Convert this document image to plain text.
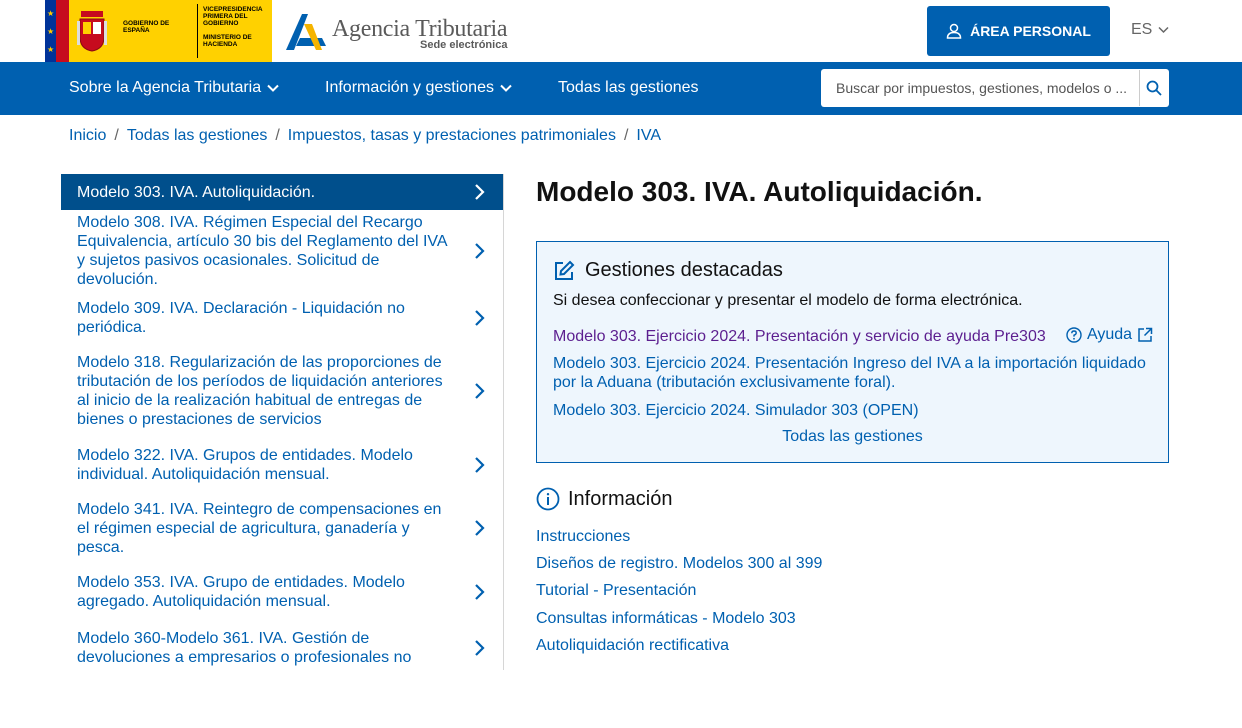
★
★
★
GOBIERNO DE ESPAÑA
VICEPRESIDENCIA PRIMERA DEL GOBIERNO
MINISTERIO DE HACIENDA
Agencia Tributaria
Sede electrónica
ÁREA PERSONAL	ES
Sobre la Agencia Tributaria	Información y gestiones	Todas las gestiones
Buscar por impuestos, gestiones, modelos o ...
Inicio / Todas las gestiones / Impuestos, tasas y prestaciones patrimoniales / IVA
Modelo 303. IVA. Autoliquidación.
Modelo 308. IVA. Régimen Especial del Recargo Equivalencia, artículo 30 bis del Reglamento del IVA y sujetos pasivos ocasionales. Solicitud de devolución.
Modelo 309. IVA. Declaración - Liquidación no periódica.
Modelo 318. Regularización de las proporciones de tributación de los períodos de liquidación anteriores al inicio de la realización habitual de entregas de bienes o prestaciones de servicios
Modelo 322. IVA. Grupos de entidades. Modelo individual. Autoliquidación mensual.
Modelo 341. IVA. Reintegro de compensaciones en el régimen especial de agricultura, ganadería y pesca.
Modelo 353. IVA. Grupo de entidades. Modelo agregado. Autoliquidación mensual.
Modelo 360-Modelo 361. IVA. Gestión de devoluciones a empresarios o profesionales no
Modelo 303. IVA. Autoliquidación.
Gestiones destacadas
Si desea confeccionar y presentar el modelo de forma electrónica.
Modelo 303. Ejercicio 2024. Presentación y servicio de ayuda Pre303	Ayuda
Modelo 303. Ejercicio 2024. Presentación Ingreso del IVA a la importación liquidado por la Aduana (tributación exclusivamente foral).
Modelo 303. Ejercicio 2024. Simulador 303 (OPEN)
Todas las gestiones
Información
Instrucciones
Diseños de registro. Modelos 300 al 399
Tutorial - Presentación
Consultas informáticas - Modelo 303
Autoliquidación rectificativa
